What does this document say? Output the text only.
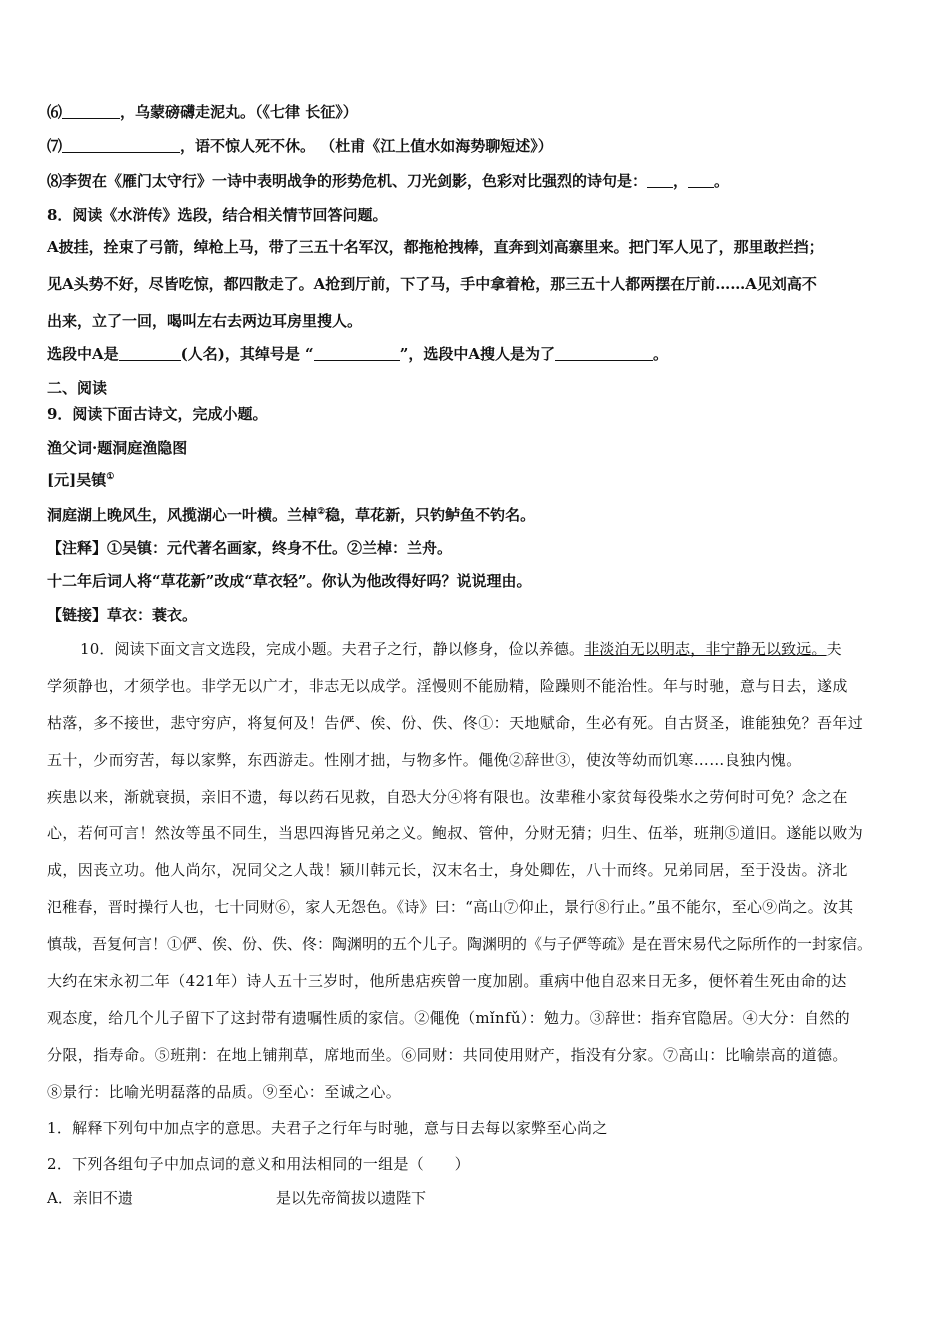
⑹	，乌蒙磅礴走泥丸。（《七律 长征》）
⑺	，语不惊人死不休。 （杜甫《江上值水如海势聊短述》）
⑻李贺在《雁门太守行》一诗中表明战争的形势危机、刀光剑影，色彩对比强烈的诗句是： ， 。
8．阅读《水浒传》选段，结合相关情节回答问题。
A披挂，拴束了弓箭，绰枪上马，带了三五十名军汉，都拖枪拽棒，直奔到刘高寨里来。把门军人见了，那里敢拦挡；
见A头势不好，尽皆吃惊，都四散走了。A抢到厅前，下了马，手中拿着枪，那三五十人都两摆在厅前……A见刘高不
出来，立了一回，喝叫左右去两边耳房里搜人。
选段中A是	(人名)，其绰号是 “	”，选段中A搜人是为了	。
二、阅读
9．阅读下面古诗文，完成小题。
渔父词·题洞庭渔隐图
[元]吴镇①
洞庭湖上晚风生，风揽湖心一叶横。兰棹②稳，草花新，只钓鲈鱼不钓名。
【注释】①吴镇：元代著名画家，终身不仕。②兰棹：兰舟。
十二年后词人将“草花新”改成“草衣轻”。你认为他改得好吗？说说理由。
【链接】草衣：蓑衣。
10．阅读下面文言文选段，完成小题。夫君子之行，静以修身，俭以养德。非淡泊无以明志，非宁静无以致远。夫
学须静也，才须学也。非学无以广才，非志无以成学。淫慢则不能励精，险躁则不能治性。年与时驰，意与日去，遂成
枯落，多不接世，悲守穷庐，将复何及！告俨、俟、份、佚、佟①：天地赋命，生必有死。自古贤圣，谁能独免？吾年过
五十，少而穷苦，每以家弊，东西游走。性刚才拙，与物多忤。僶俛②辞世③，使汝等幼而饥寒……良独内愧。
疾患以来，渐就衰损，亲旧不遗，每以药石见救，自恐大分④将有限也。汝辈稚小家贫每役柴水之劳何时可免？念之在
心，若何可言！然汝等虽不同生，当思四海皆兄弟之义。鲍叔、管仲，分财无猜；归生、伍举，班荆⑤道旧。遂能以败为
成，因丧立功。他人尚尔，况同父之人哉！颍川韩元长，汉末名士，身处卿佐，八十而终。兄弟同居，至于没齿。济北
氾稚春，晋时操行人也，七十同财⑥，家人无怨色。《诗》曰：“高山⑦仰止，景行⑧行止。”虽不能尔，至心⑨尚之。汝其
慎哉，吾复何言！①俨、俟、份、佚、佟：陶渊明的五个儿子。陶渊明的《与子俨等疏》是在晋宋易代之际所作的一封家信。
大约在宋永初二年（421年）诗人五十三岁时，他所患痁疾曾一度加剧。重病中他自忍来日无多，便怀着生死由命的达
观态度，给几个儿子留下了这封带有遗嘱性质的家信。②僶俛（mǐnfǔ）：勉力。③辞世：指弃官隐居。④大分：自然的
分限，指寿命。⑤班荆：在地上铺荆草，席地而坐。⑥同财：共同使用财产，指没有分家。⑦高山：比喻崇高的道德。
⑧景行：比喻光明磊落的品质。⑨至心：至诚之心。
1．解释下列句中加点字的意思。夫君子之行年与时驰，意与日去每以家弊至心尚之
2．下列各组句子中加点词的意义和用法相同的一组是（　　）
A．亲旧不遗	是以先帝简拔以遗陛下
